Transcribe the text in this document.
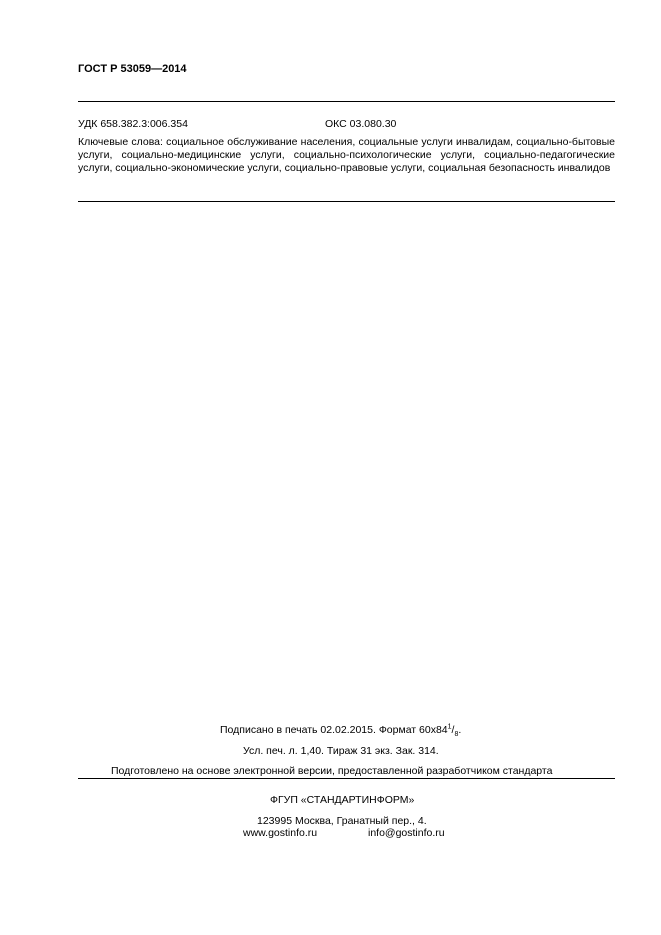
ГОСТ Р 53059—2014
УДК 658.382.3:006.354	ОКС 03.080.30
Ключевые слова: социальное обслуживание населения, социальные услуги инвалидам, социально-бытовые услуги, социально-медицинские услуги, социально-психологические услуги, социально-педагогические услуги, социально-экономические услуги, социально-правовые услуги, социальная безопасность инвалидов
Подписано в печать 02.02.2015. Формат $60x84^1/_8$.
Усл. печ. л. 1,40. Тираж 31 экз. Зак. 314.
Подготовлено на основе электронной версии, предоставленной разработчиком стандарта
ФГУП «СТАНДАРТИНФОРМ»
123995 Москва, Гранатный пер., 4.
www.gostinfo.ru	info@gostinfo.ru
